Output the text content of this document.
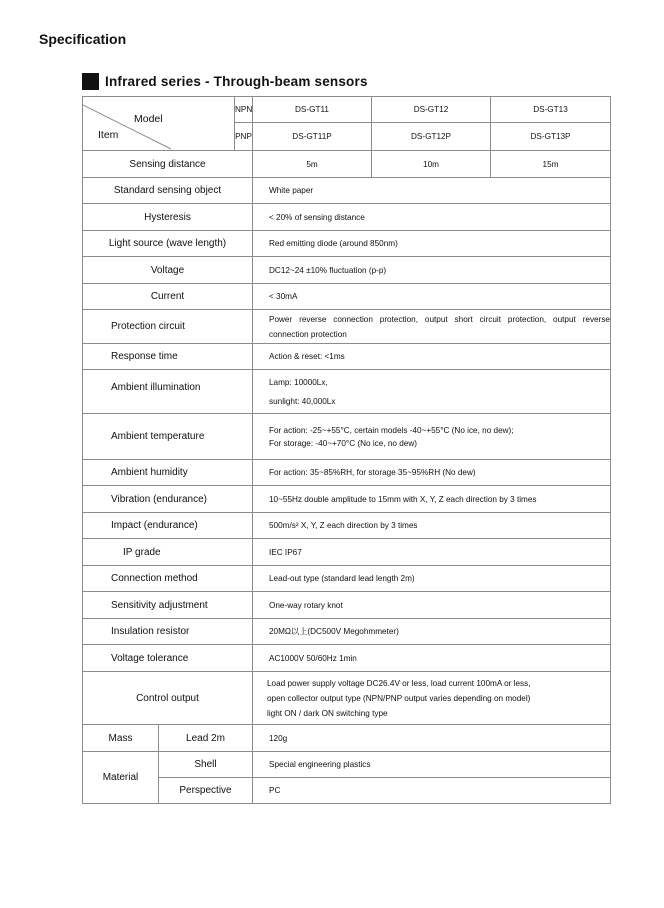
Specification
Infrared series - Through-beam sensors
Model
Item		NPN	DS-GT11	DS-GT12	DS-GT13
		PNP	DS-GT11P	DS-GT12P	DS-GT13P
Sensing distance			5m	10m	15m
Standard sensing object			White paper		
Hysteresis			< 20% of sensing distance		
Light source (wave length)			Red emitting diode (around 850nm)		
Voltage			DC12~24 ±10% fluctuation (p-p)		
Current			< 30mA		
Protection circuit			Power reverse connection protection, output short circuit protection, output reverse connection protection		
Response time			Action & reset: <1ms		
Ambient illumination			Lamp: 10000Lx,
sunlight: 40,000Lx		

Ambient temperature			For action: -25~+55°C, certain models -40~+55°C (No ice, no dew);
For storage: -40~+70°C (No ice, no dew)		

Ambient humidity			For action: 35~85%RH, for storage 35~95%RH (No dew)		
Vibration (endurance)			10~55Hz double amplitude to 15mm with X, Y, Z each direction by 3 times		
Impact (endurance)			500m/s² X, Y, Z each direction by 3 times		
IP grade			IEC IP67		
Connection method			Lead-out type (standard lead length 2m)		
Sensitivity adjustment			One-way rotary knot		
Insulation resistor			20MΩ以上(DC500V Megohmmeter)		
Voltage tolerance			AC1000V 50/60Hz 1min		
Control output			Load power supply voltage DC26.4V or less, load current 100mA or less,
open collector output type (NPN/PNP output varies depending on model)
light ON / dark ON switching type		

Mass	Lead 2m		120g		
Material	Shell		Special engineering plastics		
	Perspective		PC		
